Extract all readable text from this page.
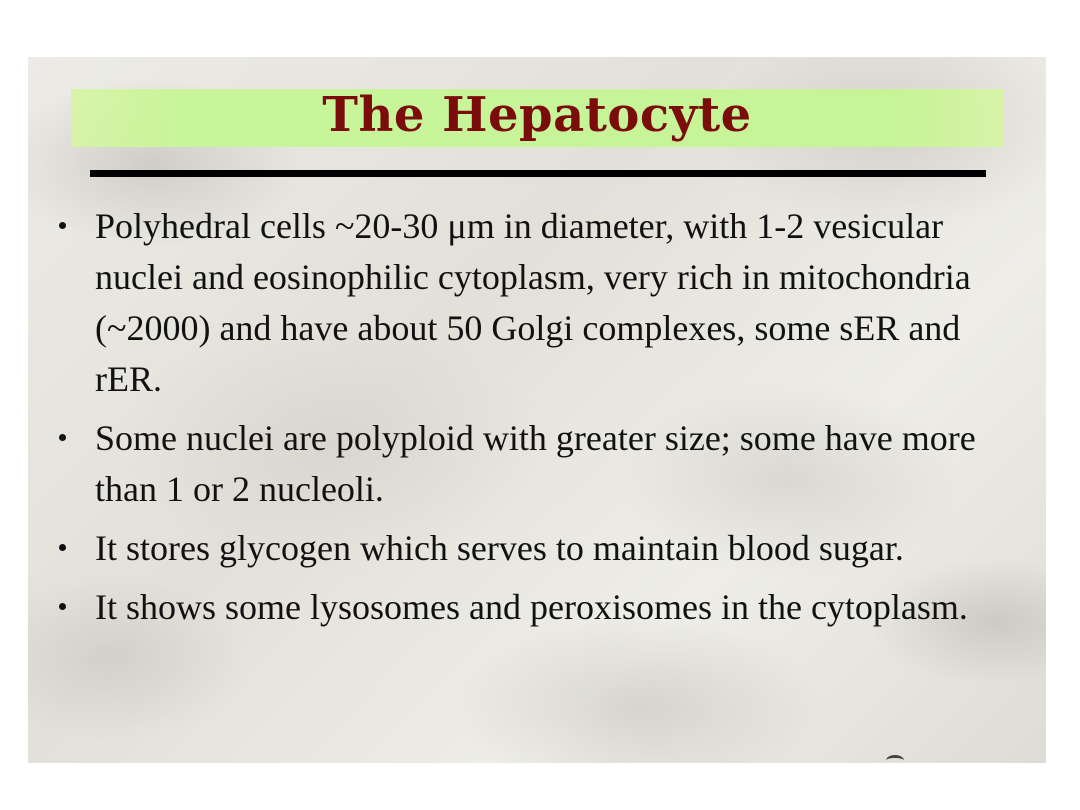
The Hepatocyte
Polyhedral cells ~20-30 μm in diameter, with 1-2 vesicular nuclei and eosinophilic cytoplasm, very rich in mitochondria (~2000) and have about 50 Golgi complexes, some sER and rER.
Some nuclei are polyploid with greater size; some have more than 1 or 2 nucleoli.
It stores glycogen which serves to maintain blood sugar.
It shows some lysosomes and peroxisomes in the cytoplasm.
